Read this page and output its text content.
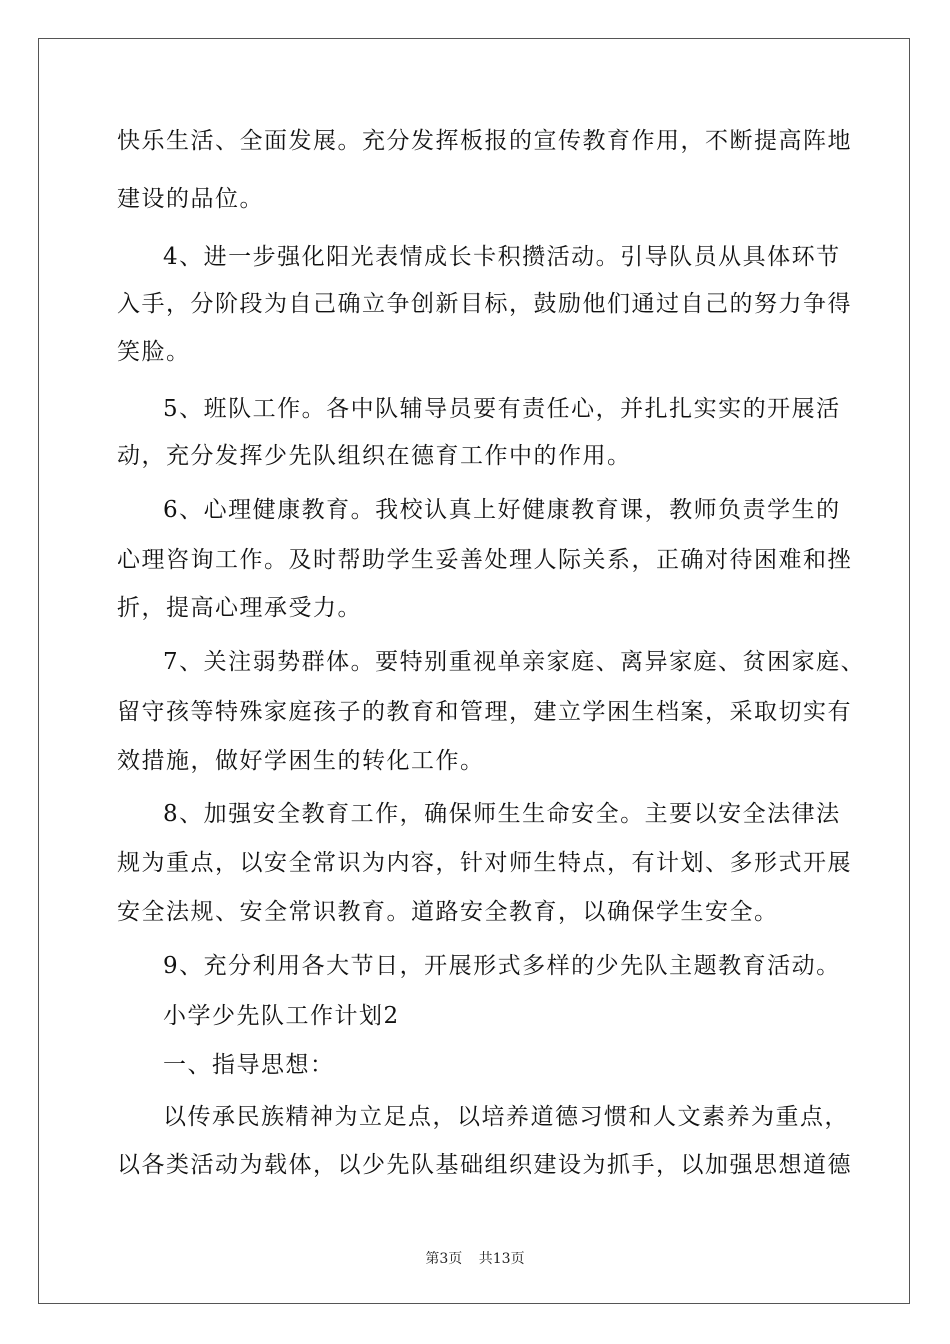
快乐生活、全面发展。充分发挥板报的宣传教育作用，不断提高阵地
建设的品位。
4、进一步强化阳光表情成长卡积攒活动。引导队员从具体环节
入手，分阶段为自己确立争创新目标，鼓励他们通过自己的努力争得
笑脸。
5、班队工作。各中队辅导员要有责任心，并扎扎实实的开展活
动，充分发挥少先队组织在德育工作中的作用。
6、心理健康教育。我校认真上好健康教育课，教师负责学生的
心理咨询工作。及时帮助学生妥善处理人际关系，正确对待困难和挫
折，提高心理承受力。
7、关注弱势群体。要特别重视单亲家庭、离异家庭、贫困家庭、
留守孩等特殊家庭孩子的教育和管理，建立学困生档案，采取切实有
效措施，做好学困生的转化工作。
8、加强安全教育工作，确保师生生命安全。主要以安全法律法
规为重点，以安全常识为内容，针对师生特点，有计划、多形式开展
安全法规、安全常识教育。道路安全教育，以确保学生安全。
9、充分利用各大节日，开展形式多样的少先队主题教育活动。
小学少先队工作计划2
一、指导思想：
以传承民族精神为立足点，以培养道德习惯和人文素养为重点，
以各类活动为载体，以少先队基础组织建设为抓手，以加强思想道德
第3页 共13页
